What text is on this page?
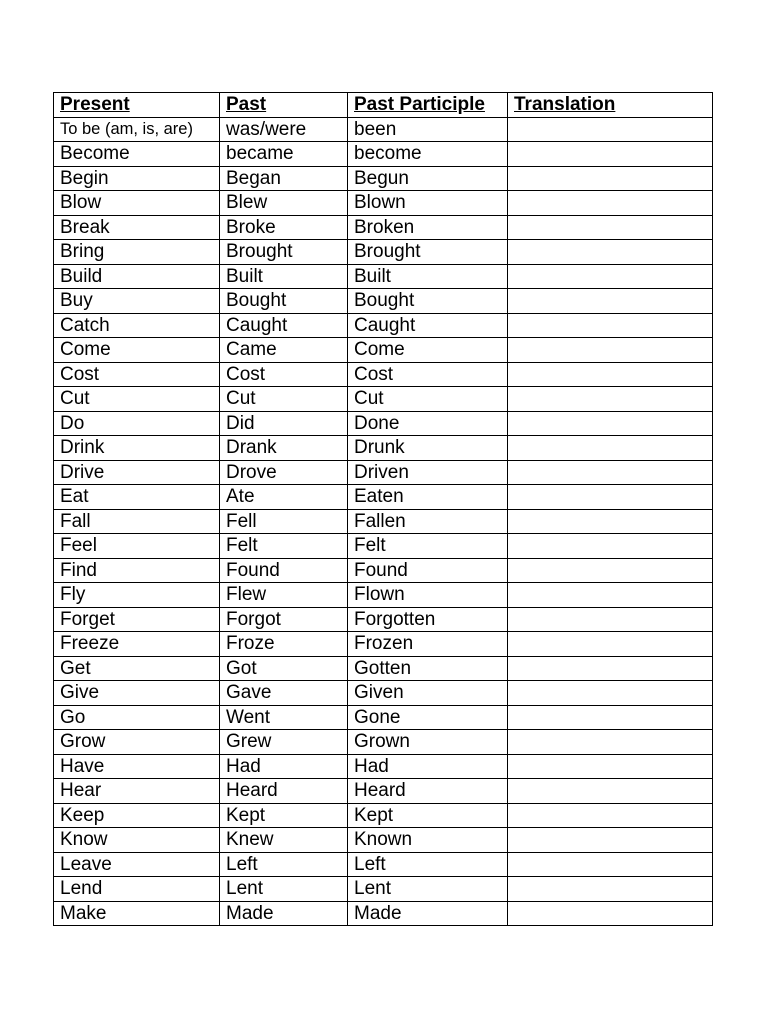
Present	Past	Past Participle	Translation
To be (am, is, are)	was/were	been	
Become	became	become	
Begin	Began	Begun	
Blow	Blew	Blown	
Break	Broke	Broken	
Bring	Brought	Brought	
Build	Built	Built	
Buy	Bought	Bought	
Catch	Caught	Caught	
Come	Came	Come	
Cost	Cost	Cost	
Cut	Cut	Cut	
Do	Did	Done	
Drink	Drank	Drunk	
Drive	Drove	Driven	
Eat	Ate	Eaten	
Fall	Fell	Fallen	
Feel	Felt	Felt	
Find	Found	Found	
Fly	Flew	Flown	
Forget	Forgot	Forgotten	
Freeze	Froze	Frozen	
Get	Got	Gotten	
Give	Gave	Given	
Go	Went	Gone	
Grow	Grew	Grown	
Have	Had	Had	
Hear	Heard	Heard	
Keep	Kept	Kept	
Know	Knew	Known	
Leave	Left	Left	
Lend	Lent	Lent	
Make	Made	Made	
